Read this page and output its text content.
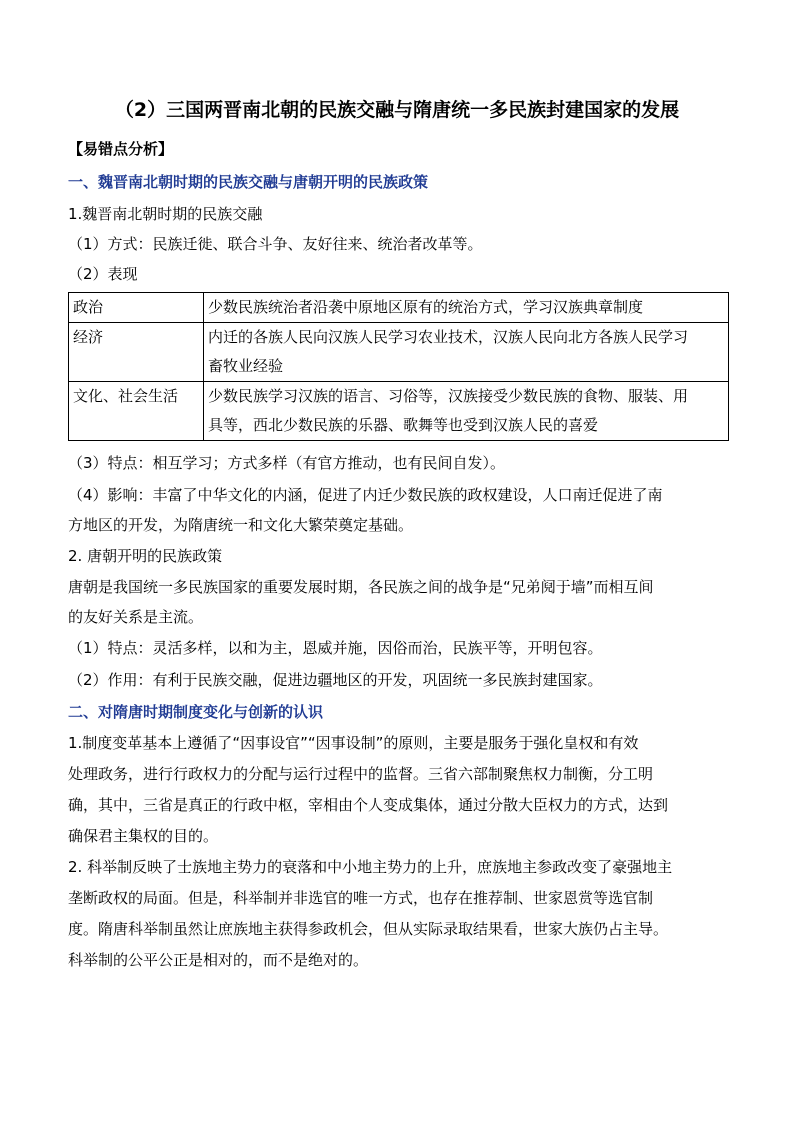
（2）三国两晋南北朝的民族交融与隋唐统一多民族封建国家的发展
【易错点分析】
一、魏晋南北朝时期的民族交融与唐朝开明的民族政策
1.魏晋南北朝时期的民族交融
（1）方式：民族迁徙、联合斗争、友好往来、统治者改革等。
（2）表现
政治	少数民族统治者沿袭中原地区原有的统治方式，学习汉族典章制度

经济	内迁的各族人民向汉族人民学习农业技术，汉族人民向北方各族人民学习
畜牧业经验

文化、社会生活	少数民族学习汉族的语言、习俗等，汉族接受少数民族的食物、服装、用
具等，西北少数民族的乐器、歌舞等也受到汉族人民的喜爱
（3）特点：相互学习；方式多样（有官方推动，也有民间自发）。
（4）影响：丰富了中华文化的内涵，促进了内迁少数民族的政权建设，人口南迁促进了南
方地区的开发，为隋唐统一和文化大繁荣奠定基础。
2. 唐朝开明的民族政策
唐朝是我国统一多民族国家的重要发展时期，各民族之间的战争是“兄弟阋于墙”而相互间
的友好关系是主流。
（1）特点：灵活多样，以和为主，恩威并施，因俗而治，民族平等，开明包容。
（2）作用：有利于民族交融，促进边疆地区的开发，巩固统一多民族封建国家。
二、对隋唐时期制度变化与创新的认识
1.制度变革基本上遵循了“因事设官”“因事设制”的原则，主要是服务于强化皇权和有效
处理政务，进行行政权力的分配与运行过程中的监督。三省六部制聚焦权力制衡，分工明
确，其中，三省是真正的行政中枢，宰相由个人变成集体，通过分散大臣权力的方式，达到
确保君主集权的目的。
2. 科举制反映了士族地主势力的衰落和中小地主势力的上升，庶族地主参政改变了豪强地主
垄断政权的局面。但是，科举制并非选官的唯一方式，也存在推荐制、世家恩赏等选官制
度。隋唐科举制虽然让庶族地主获得参政机会，但从实际录取结果看，世家大族仍占主导。
科举制的公平公正是相对的，而不是绝对的。
